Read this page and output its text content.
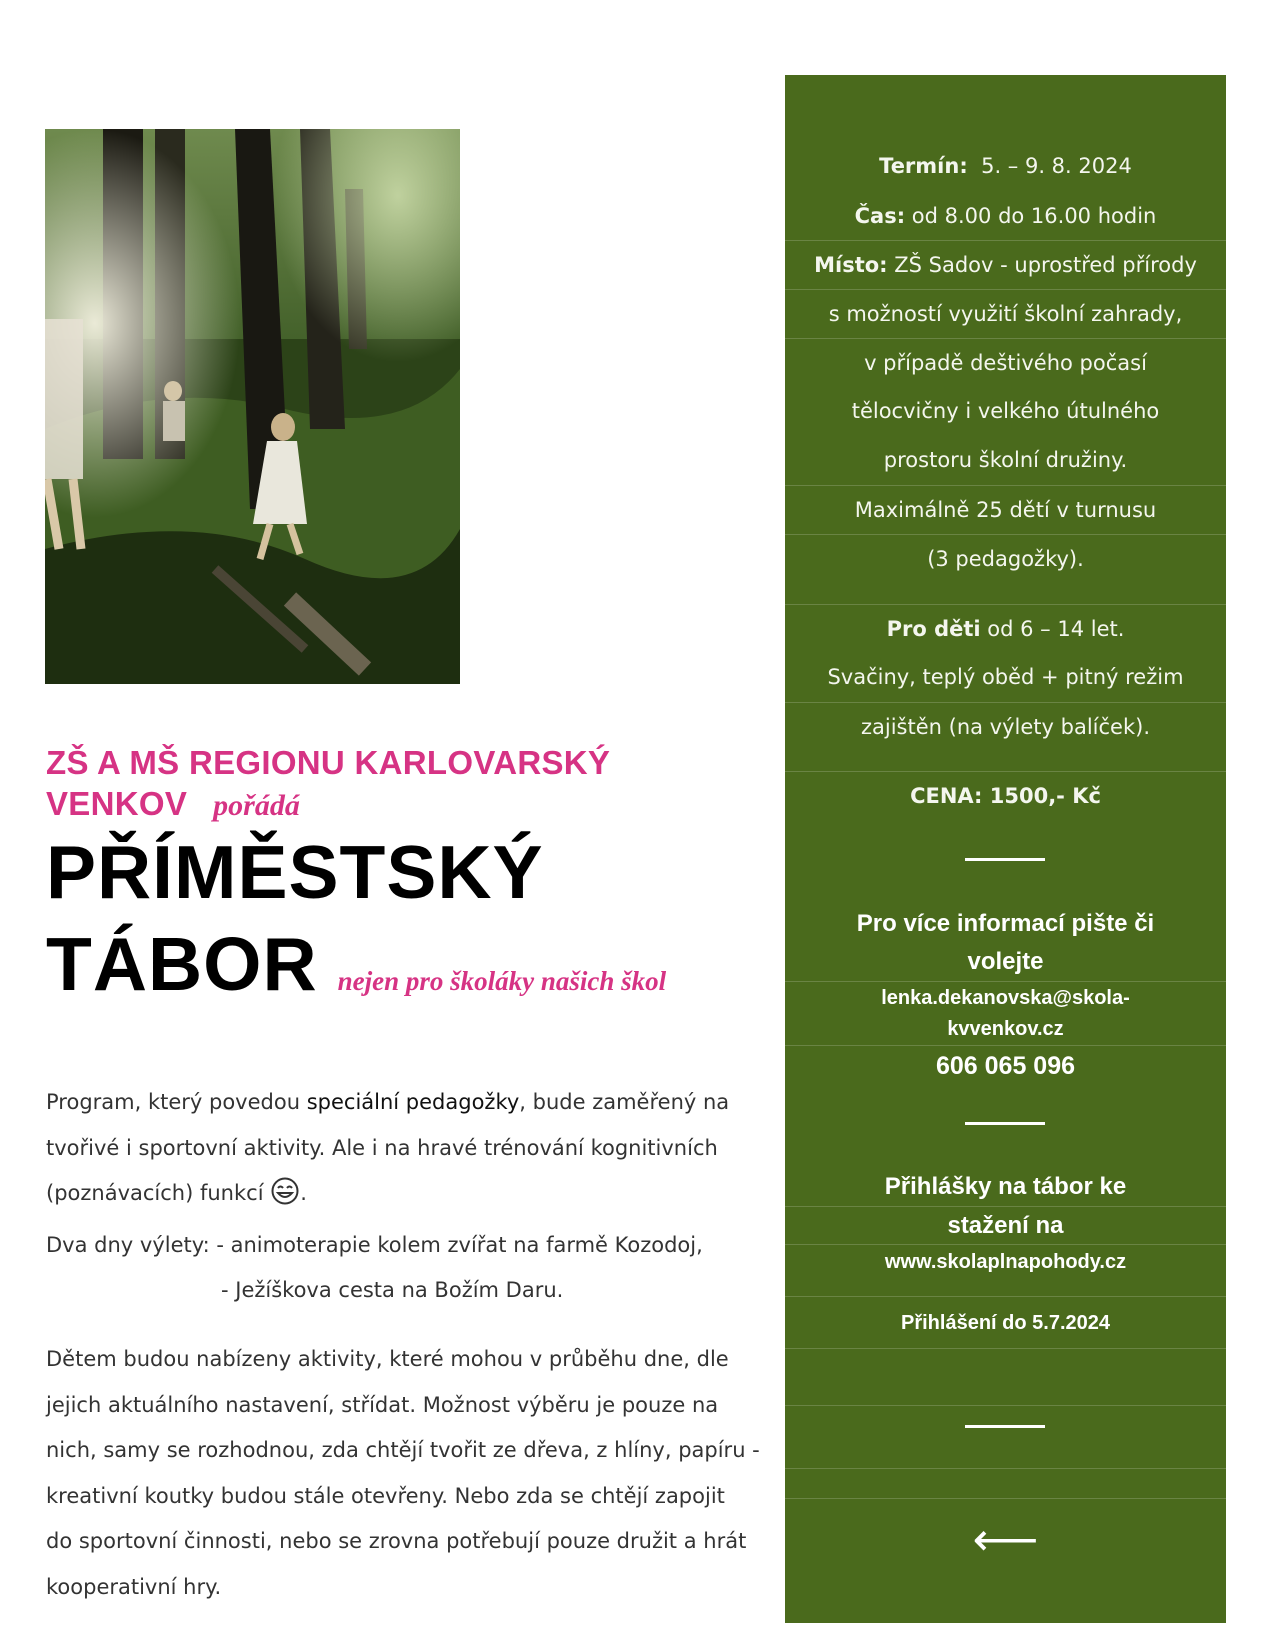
ZŠ A MŠ REGIONU KARLOVARSKÝ
VENKOV pořádá
PŘÍMĚSTSKÝ
TÁBOR nejen pro školáky našich škol

Program, který povedou speciální pedagožky, bude zaměřený na

tvořivé i sportovní aktivity. Ale i na hravé trénování kognitivních

(poznávacích) funkcí .

Dva dny výlety: - animoterapie kolem zvířat na farmě Kozodoj,

- Ježíškova cesta na Božím Daru.

Dětem budou nabízeny aktivity, které mohou v průběhu dne, dle

jejich aktuálního nastavení, střídat. Možnost výběru je pouze na

nich, samy se rozhodnou, zda chtějí tvořit ze dřeva, z hlíny, papíru -

kreativní koutky budou stále otevřeny. Nebo zda se chtějí zapojit

do sportovní činnosti, nebo se zrovna potřebují pouze družit a hrát

kooperativní hry.

Termín:  5. – 9. 8. 2024
Čas: od 8.00 do 16.00 hodin
Místo: ZŠ Sadov - uprostřed přírody
s možností využití školní zahrady,
v případě deštivého počasí
tělocvičny i velkého útulného
prostoru školní družiny.
Maximálně 25 dětí v turnusu
(3 pedagožky).
Pro děti od 6 – 14 let.
Svačiny, teplý oběd + pitný režim
zajištěn (na výlety balíček).
CENA: 1500,- Kč
Pro více informací pište či
volejte
lenka.dekanovska@skola-
kvvenkov.cz
606 065 096
Přihlášky na tábor ke
stažení na
www.skolaplnapohody.cz
Přihlášení do 5.7.2024
⟵
